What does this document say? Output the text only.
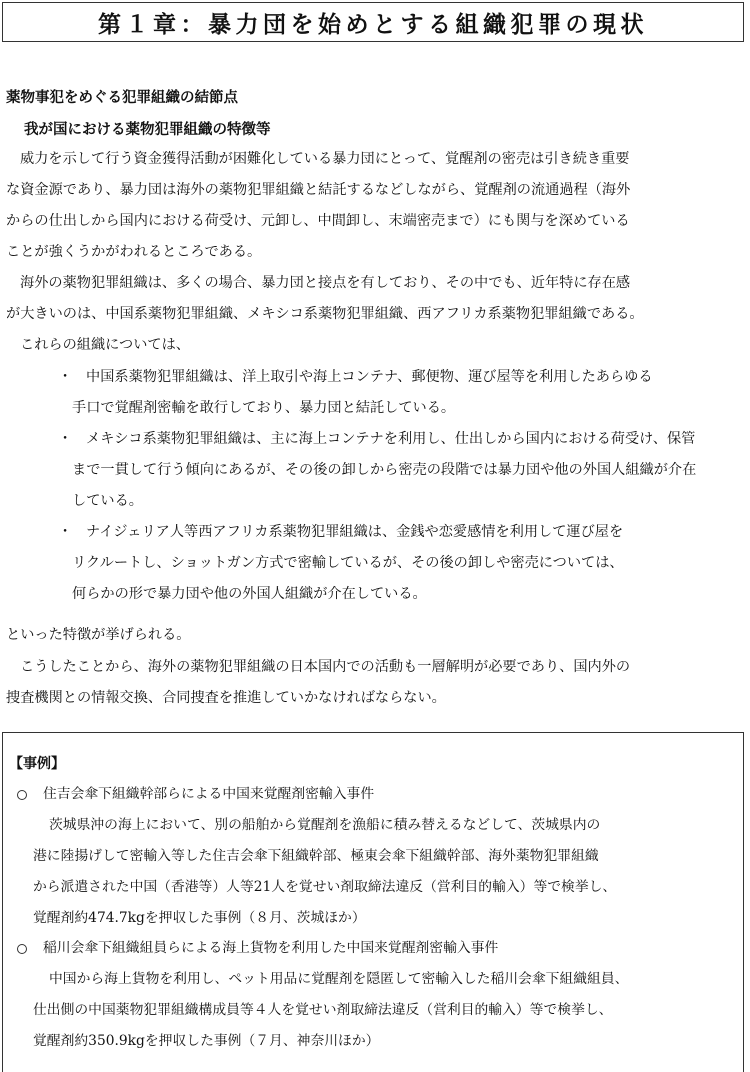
第１章：暴力団を始めとする組織犯罪の現状
薬物事犯をめぐる犯罪組織の結節点
我が国における薬物犯罪組織の特徴等
威力を示して行う資金獲得活動が困難化している暴力団にとって、覚醒剤の密売は引き続き重要
な資金源であり、暴力団は海外の薬物犯罪組織と結託するなどしながら、覚醒剤の流通過程（海外
からの仕出しから国内における荷受け、元卸し、中間卸し、末端密売まで）にも関与を深めている
ことが強くうかがわれるところである。
海外の薬物犯罪組織は、多くの場合、暴力団と接点を有しており、その中でも、近年特に存在感
が大きいのは、中国系薬物犯罪組織、メキシコ系薬物犯罪組織、西アフリカ系薬物犯罪組織である。
これらの組織については、
・ 中国系薬物犯罪組織は、洋上取引や海上コンテナ、郵便物、運び屋等を利用したあらゆる
手口で覚醒剤密輸を敢行しており、暴力団と結託している。
・ メキシコ系薬物犯罪組織は、主に海上コンテナを利用し、仕出しから国内における荷受け、保管
まで一貫して行う傾向にあるが、その後の卸しから密売の段階では暴力団や他の外国人組織が介在
している。
・ ナイジェリア人等西アフリカ系薬物犯罪組織は、金銭や恋愛感情を利用して運び屋を
リクルートし、ショットガン方式で密輸しているが、その後の卸しや密売については、
何らかの形で暴力団や他の外国人組織が介在している。
といった特徴が挙げられる。
こうしたことから、海外の薬物犯罪組織の日本国内での活動も一層解明が必要であり、国内外の
捜査機関との情報交換、合同捜査を推進していかなければならない。
【事例】
住吉会傘下組織幹部らによる中国来覚醒剤密輸入事件
茨城県沖の海上において、別の船舶から覚醒剤を漁船に積み替えるなどして、茨城県内の
港に陸揚げして密輸入等した住吉会傘下組織幹部、極東会傘下組織幹部、海外薬物犯罪組織
から派遣された中国（香港等）人等21人を覚せい剤取締法違反（営利目的輸入）等で検挙し、
覚醒剤約474.7kgを押収した事例（８月、茨城ほか）
稲川会傘下組織組員らによる海上貨物を利用した中国来覚醒剤密輸入事件
中国から海上貨物を利用し、ペット用品に覚醒剤を隠匿して密輸入した稲川会傘下組織組員、
仕出側の中国薬物犯罪組織構成員等４人を覚せい剤取締法違反（営利目的輸入）等で検挙し、
覚醒剤約350.9kgを押収した事例（７月、神奈川ほか）
